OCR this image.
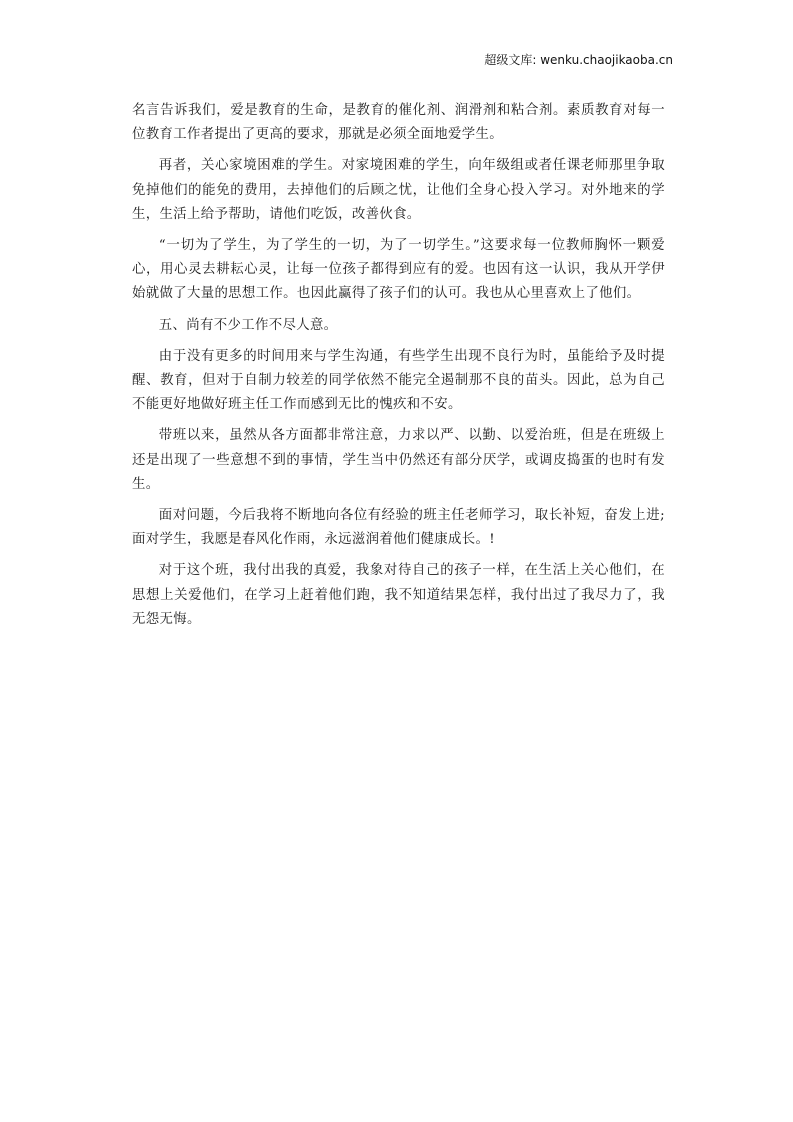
超级文库: wenku.chaojikaoba.cn

名言告诉我们，爱是教育的生命，是教育的催化剂、润滑剂和粘合剂。素质教育对每一位教育工作者提出了更高的要求，那就是必须全面地爱学生。

再者，关心家境困难的学生。对家境困难的学生，向年级组或者任课老师那里争取免掉他们的能免的费用，去掉他们的后顾之忧，让他们全身心投入学习。对外地来的学生，生活上给予帮助，请他们吃饭，改善伙食。

“一切为了学生，为了学生的一切，为了一切学生。”这要求每一位教师胸怀一颗爱心，用心灵去耕耘心灵，让每一位孩子都得到应有的爱。也因有这一认识，我从开学伊始就做了大量的思想工作。也因此赢得了孩子们的认可。我也从心里喜欢上了他们。

五、尚有不少工作不尽人意。

由于没有更多的时间用来与学生沟通，有些学生出现不良行为时，虽能给予及时提醒、教育，但对于自制力较差的同学依然不能完全遏制那不良的苗头。因此，总为自己不能更好地做好班主任工作而感到无比的愧疚和不安。

带班以来，虽然从各方面都非常注意，力求以严、以勤、以爱治班，但是在班级上还是出现了一些意想不到的事情，学生当中仍然还有部分厌学，或调皮捣蛋的也时有发生。

面对问题，今后我将不断地向各位有经验的班主任老师学习，取长补短，奋发上进;面对学生，我愿是春风化作雨，永远滋润着他们健康成长。!

对于这个班，我付出我的真爱，我象对待自己的孩子一样，在生活上关心他们，在思想上关爱他们，在学习上赶着他们跑，我不知道结果怎样，我付出过了我尽力了，我无怨无悔。
